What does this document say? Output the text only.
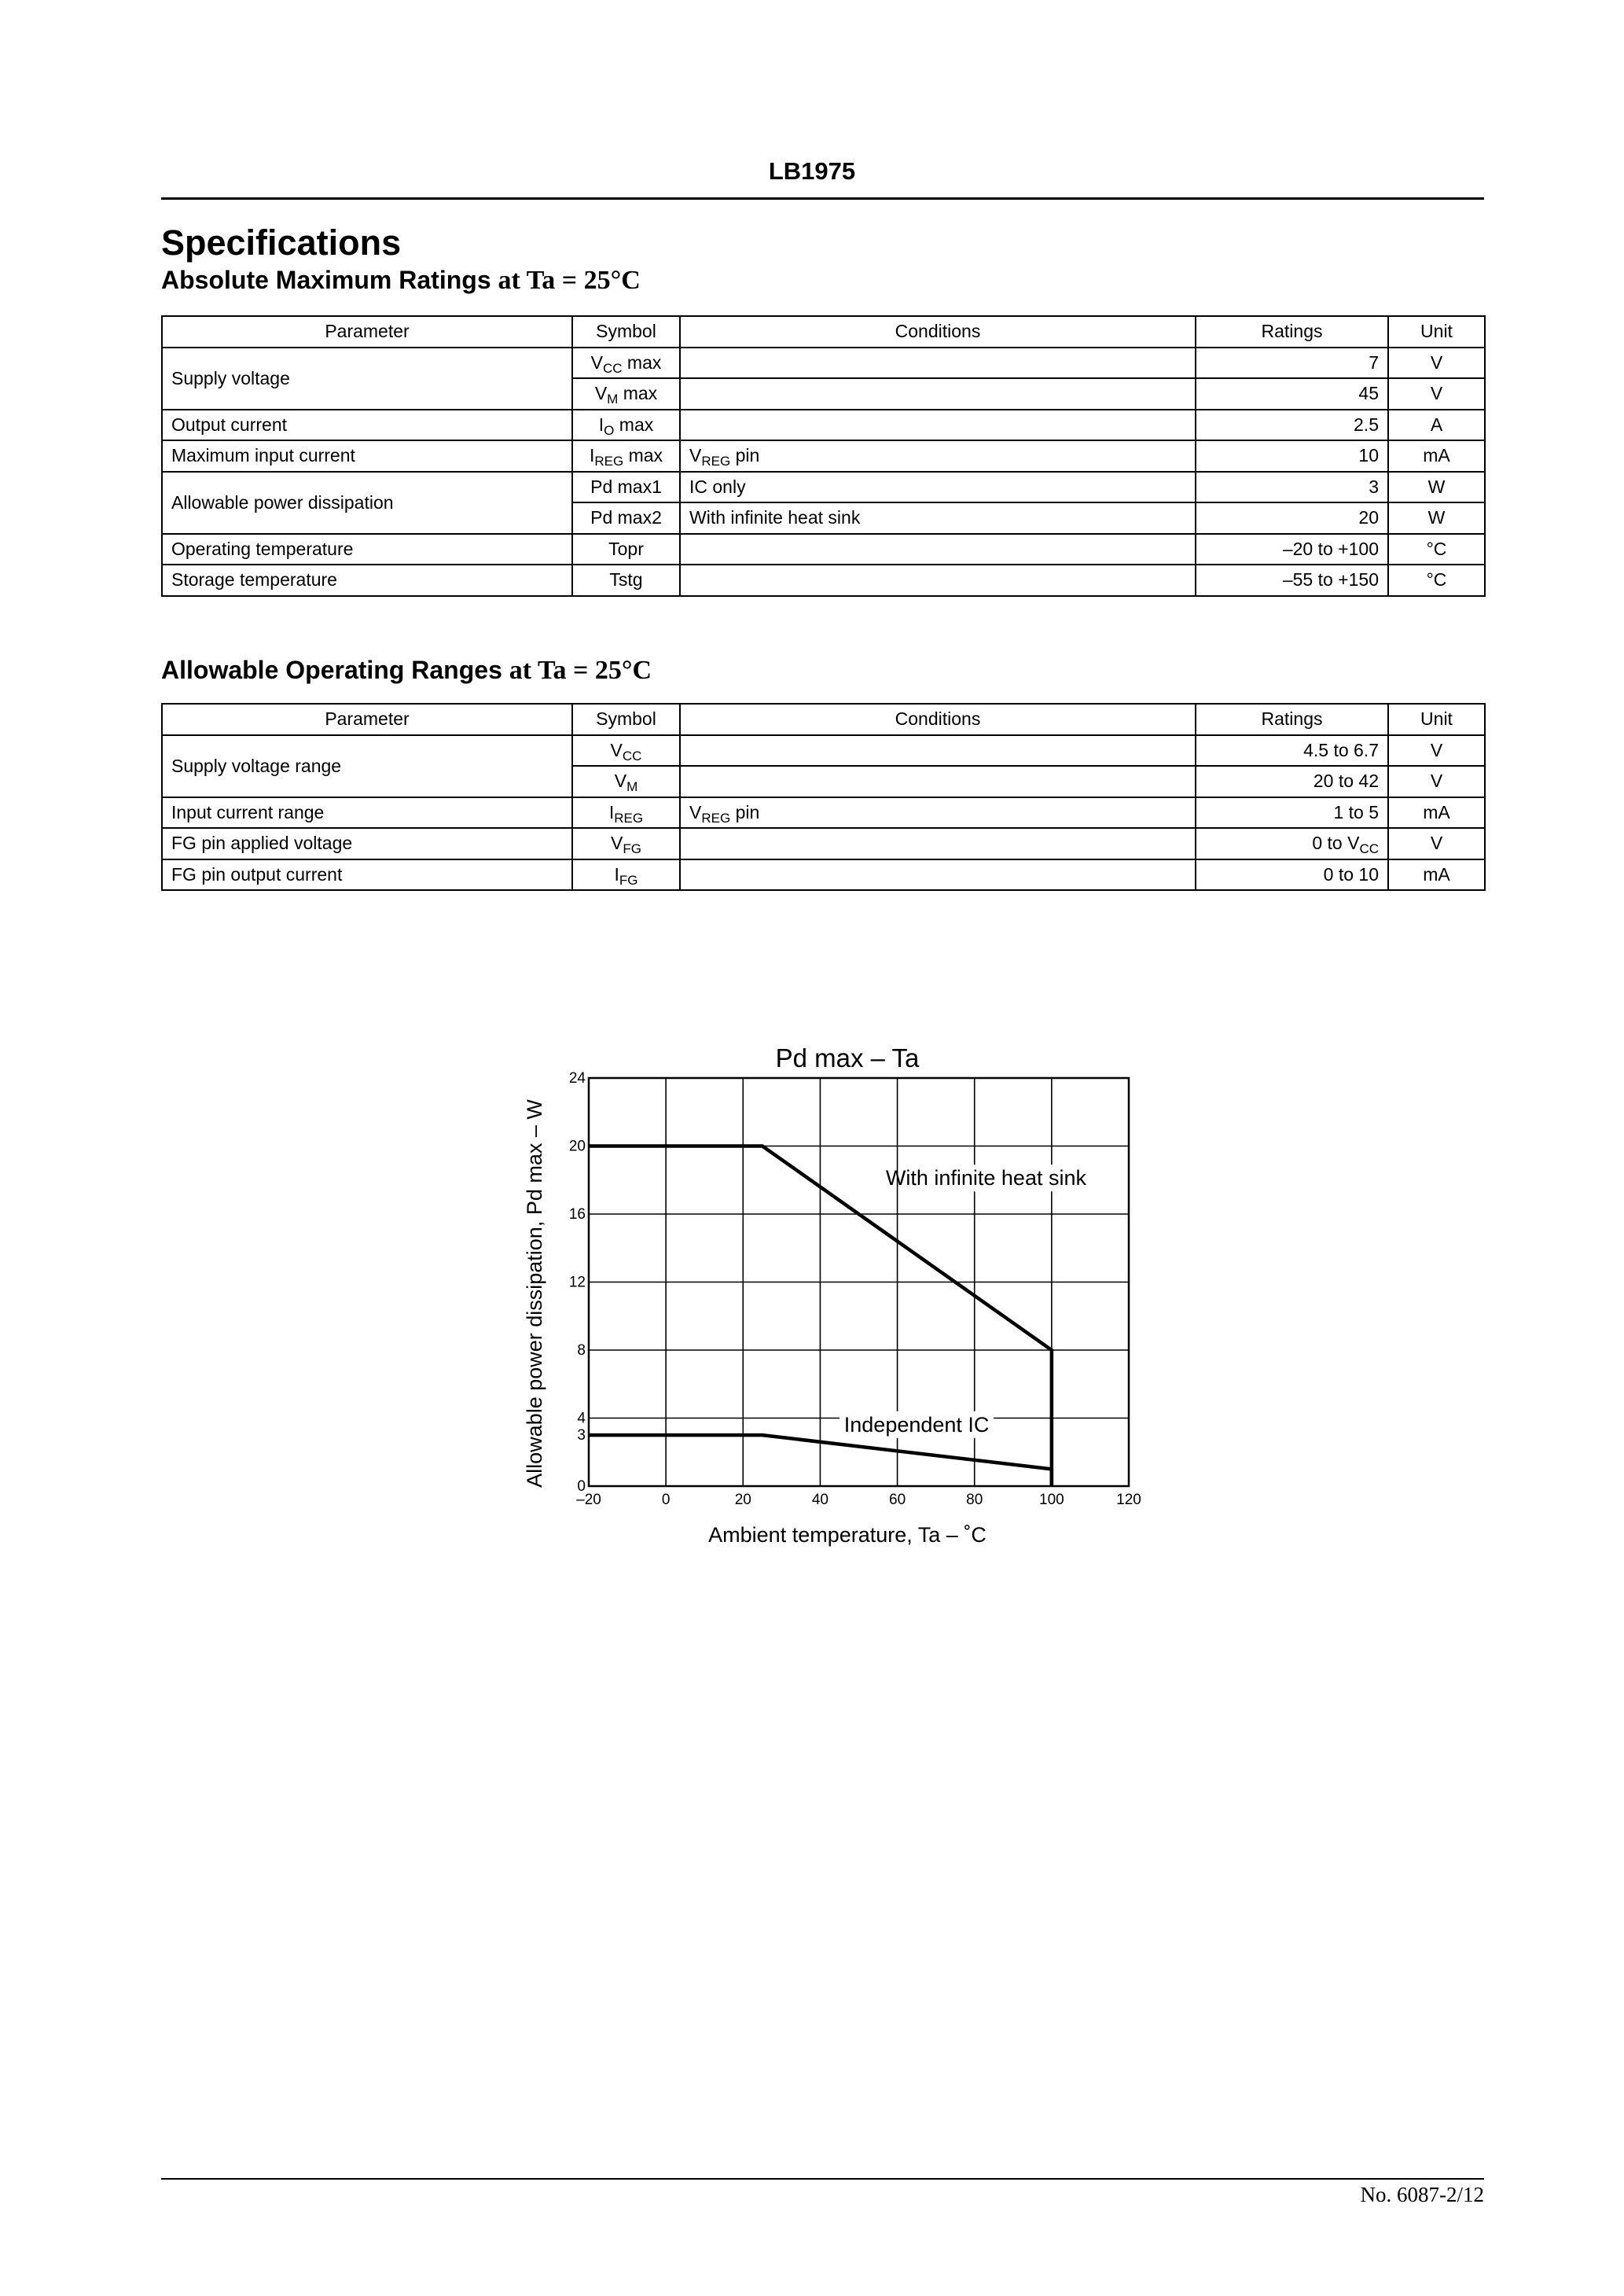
LB1975
Specifications
Absolute Maximum Ratings at Ta = 25°C
Parameter	Symbol	Conditions	Ratings	Unit
Supply voltage	$V_{CC}$ max		7	V
	$V_M$ max		45	V
Output current	$I_O$ max		2.5	A
Maximum input current	$I_{REG}$ max	$V_{REG}$ pin	10	mA
Allowable power dissipation	Pd max1	IC only	3	W
	Pd max2	With infinite heat sink	20	W
Operating temperature	Topr		–20 to +100	°C
Storage temperature	Tstg		–55 to +150	°C
Allowable Operating Ranges at Ta = 25°C
Parameter	Symbol	Conditions	Ratings	Unit
Supply voltage range	$V_{CC}$		4.5 to 6.7	V
	$V_M$		20 to 42	V
Input current range	$I_{REG}$	$V_{REG}$ pin	1 to 5	mA
FG pin applied voltage	$V_{FG}$		0 to $V_{CC}$	V
FG pin output current	$I_{FG}$		0 to 10	mA
Pd max – Ta
With infinite heat sink
Independent IC
–20	0	20	40	60	80	100	120
0
3
4
8
12
16
20
24
Ambient temperature, Ta – ˚C
Allowable power dissipation, Pd max – W
No. 6087-2/12
